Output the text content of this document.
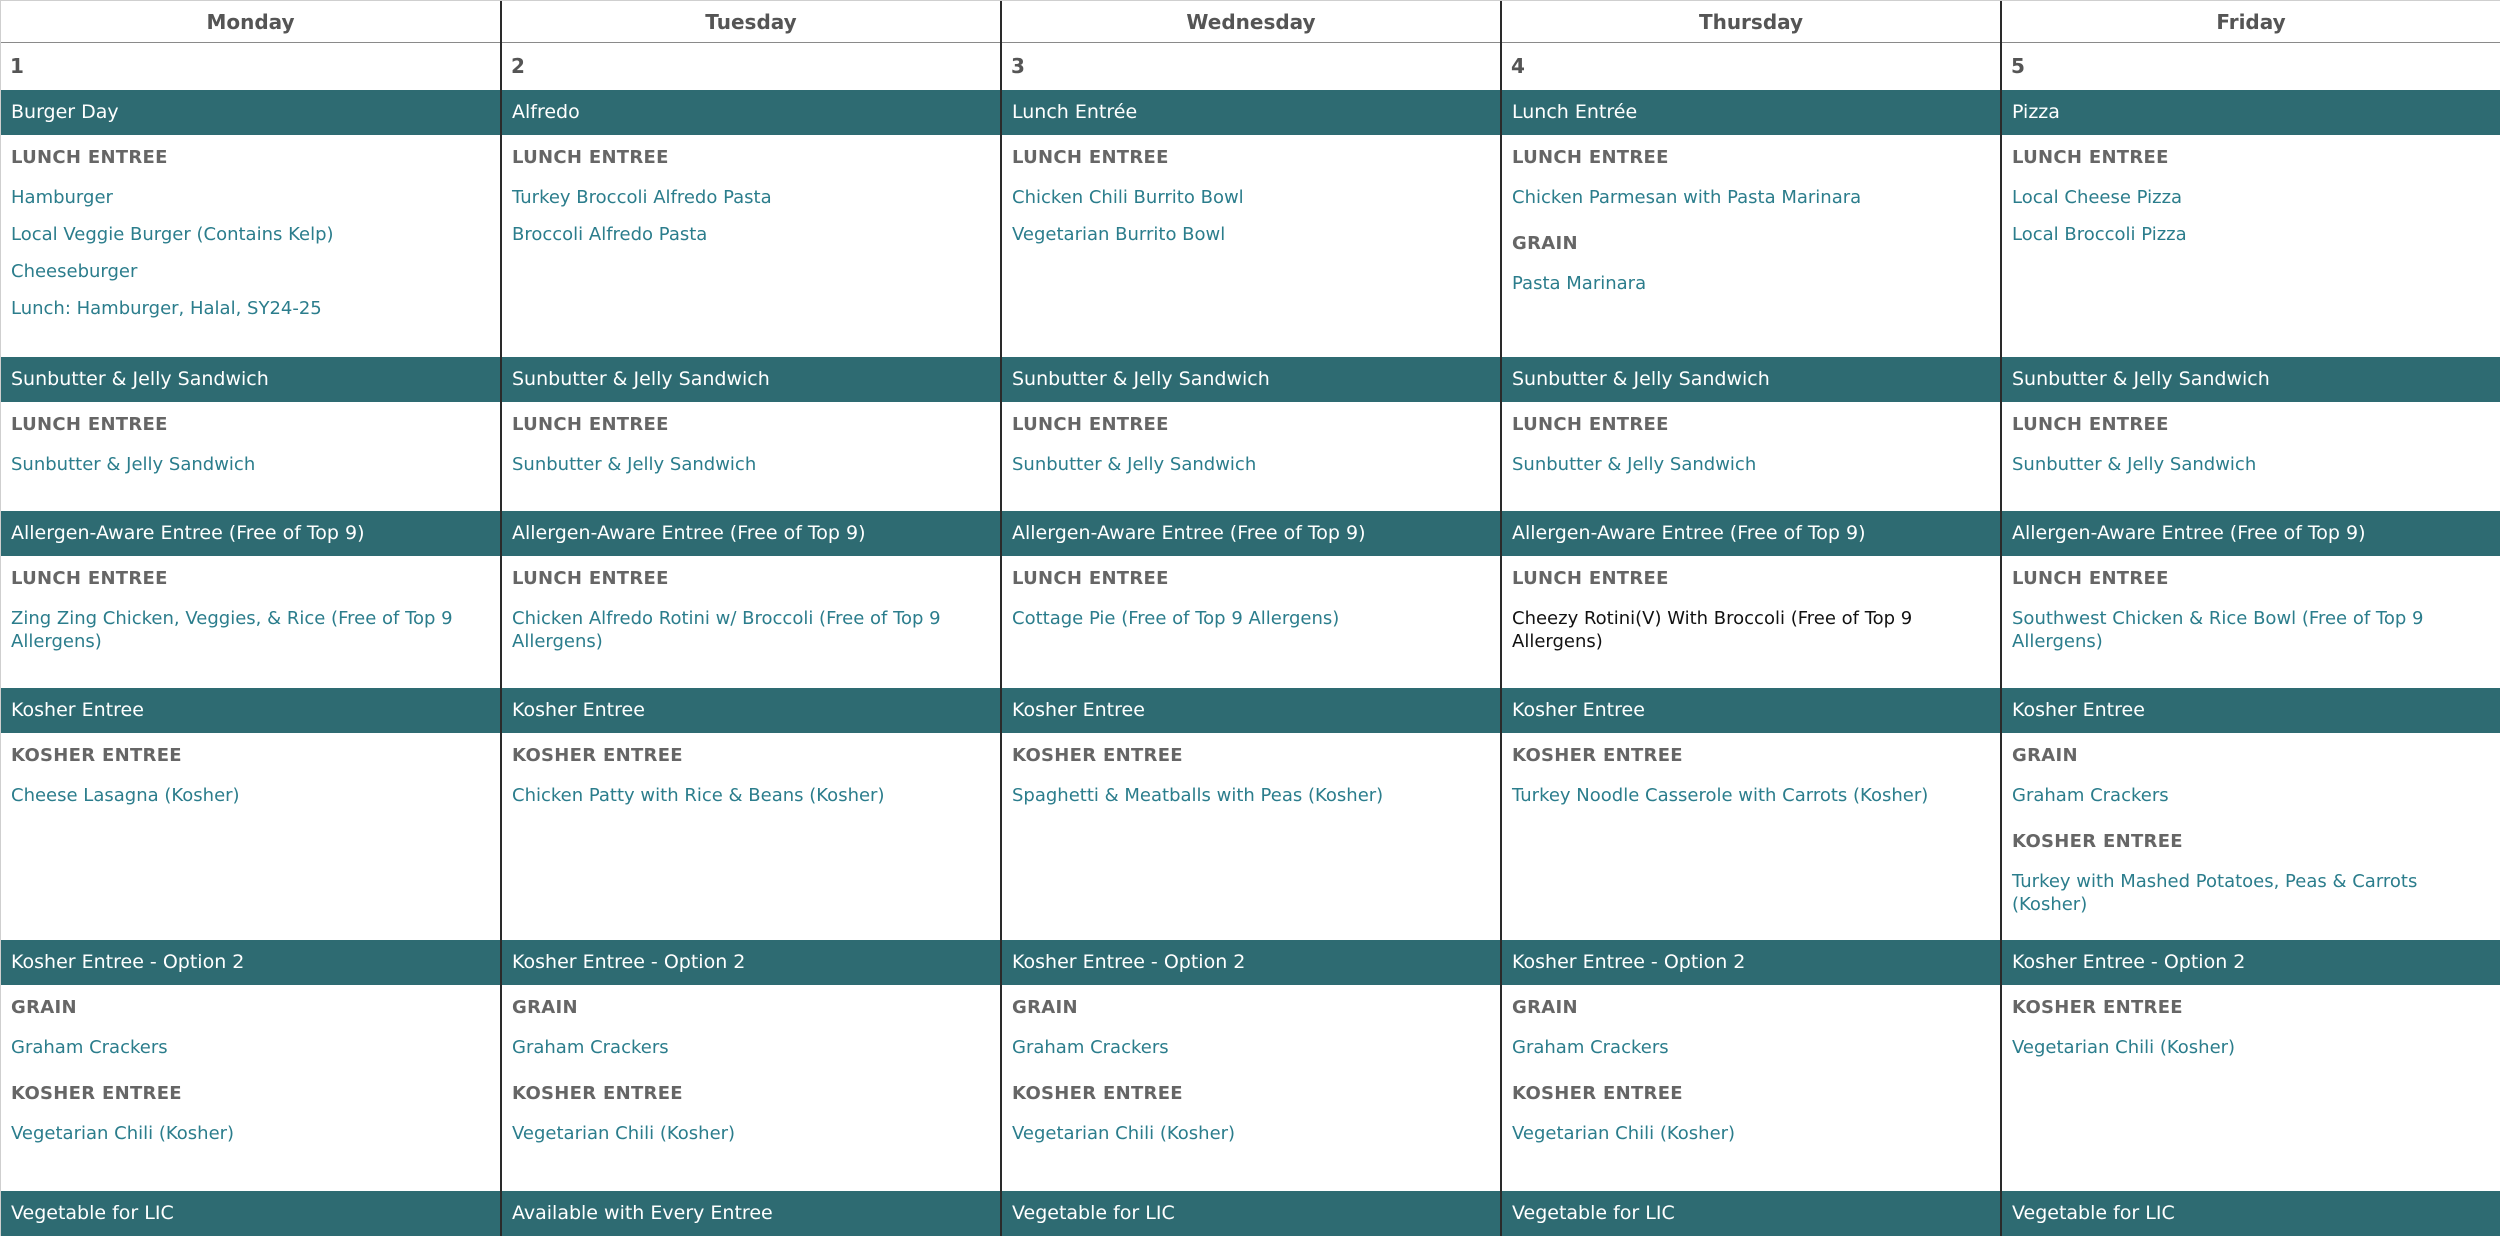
Monday
1
Burger Day
LUNCH ENTREE
Hamburger
Local Veggie Burger (Contains Kelp)
Cheeseburger
Lunch: Hamburger, Halal, SY24-25
Sunbutter & Jelly Sandwich
LUNCH ENTREE
Sunbutter & Jelly Sandwich
Allergen-Aware Entree (Free of Top 9)
LUNCH ENTREE
Zing Zing Chicken, Veggies, & Rice (Free of Top 9 Allergens)
Kosher Entree
KOSHER ENTREE
Cheese Lasagna (Kosher)
Kosher Entree - Option 2
GRAIN
Graham Crackers
KOSHER ENTREE
Vegetarian Chili (Kosher)
Vegetable for LIC
Tuesday
2
Alfredo
LUNCH ENTREE
Turkey Broccoli Alfredo Pasta
Broccoli Alfredo Pasta
Sunbutter & Jelly Sandwich
LUNCH ENTREE
Sunbutter & Jelly Sandwich
Allergen-Aware Entree (Free of Top 9)
LUNCH ENTREE
Chicken Alfredo Rotini w/ Broccoli (Free of Top 9 Allergens)
Kosher Entree
KOSHER ENTREE
Chicken Patty with Rice & Beans (Kosher)
Kosher Entree - Option 2
GRAIN
Graham Crackers
KOSHER ENTREE
Vegetarian Chili (Kosher)
Available with Every Entree
Wednesday
3
Lunch Entrée
LUNCH ENTREE
Chicken Chili Burrito Bowl
Vegetarian Burrito Bowl
Sunbutter & Jelly Sandwich
LUNCH ENTREE
Sunbutter & Jelly Sandwich
Allergen-Aware Entree (Free of Top 9)
LUNCH ENTREE
Cottage Pie (Free of Top 9 Allergens)
Kosher Entree
KOSHER ENTREE
Spaghetti & Meatballs with Peas (Kosher)
Kosher Entree - Option 2
GRAIN
Graham Crackers
KOSHER ENTREE
Vegetarian Chili (Kosher)
Vegetable for LIC
Thursday
4
Lunch Entrée
LUNCH ENTREE
Chicken Parmesan with Pasta Marinara
GRAIN
Pasta Marinara
Sunbutter & Jelly Sandwich
LUNCH ENTREE
Sunbutter & Jelly Sandwich
Allergen-Aware Entree (Free of Top 9)
LUNCH ENTREE
Cheezy Rotini(V) With Broccoli (Free of Top 9 Allergens)
Kosher Entree
KOSHER ENTREE
Turkey Noodle Casserole with Carrots (Kosher)
Kosher Entree - Option 2
GRAIN
Graham Crackers
KOSHER ENTREE
Vegetarian Chili (Kosher)
Vegetable for LIC
Friday
5
Pizza
LUNCH ENTREE
Local Cheese Pizza
Local Broccoli Pizza
Sunbutter & Jelly Sandwich
LUNCH ENTREE
Sunbutter & Jelly Sandwich
Allergen-Aware Entree (Free of Top 9)
LUNCH ENTREE
Southwest Chicken & Rice Bowl (Free of Top 9 Allergens)
Kosher Entree
GRAIN
Graham Crackers
KOSHER ENTREE
Turkey with Mashed Potatoes, Peas & Carrots (Kosher)
Kosher Entree - Option 2
KOSHER ENTREE
Vegetarian Chili (Kosher)
Vegetable for LIC
